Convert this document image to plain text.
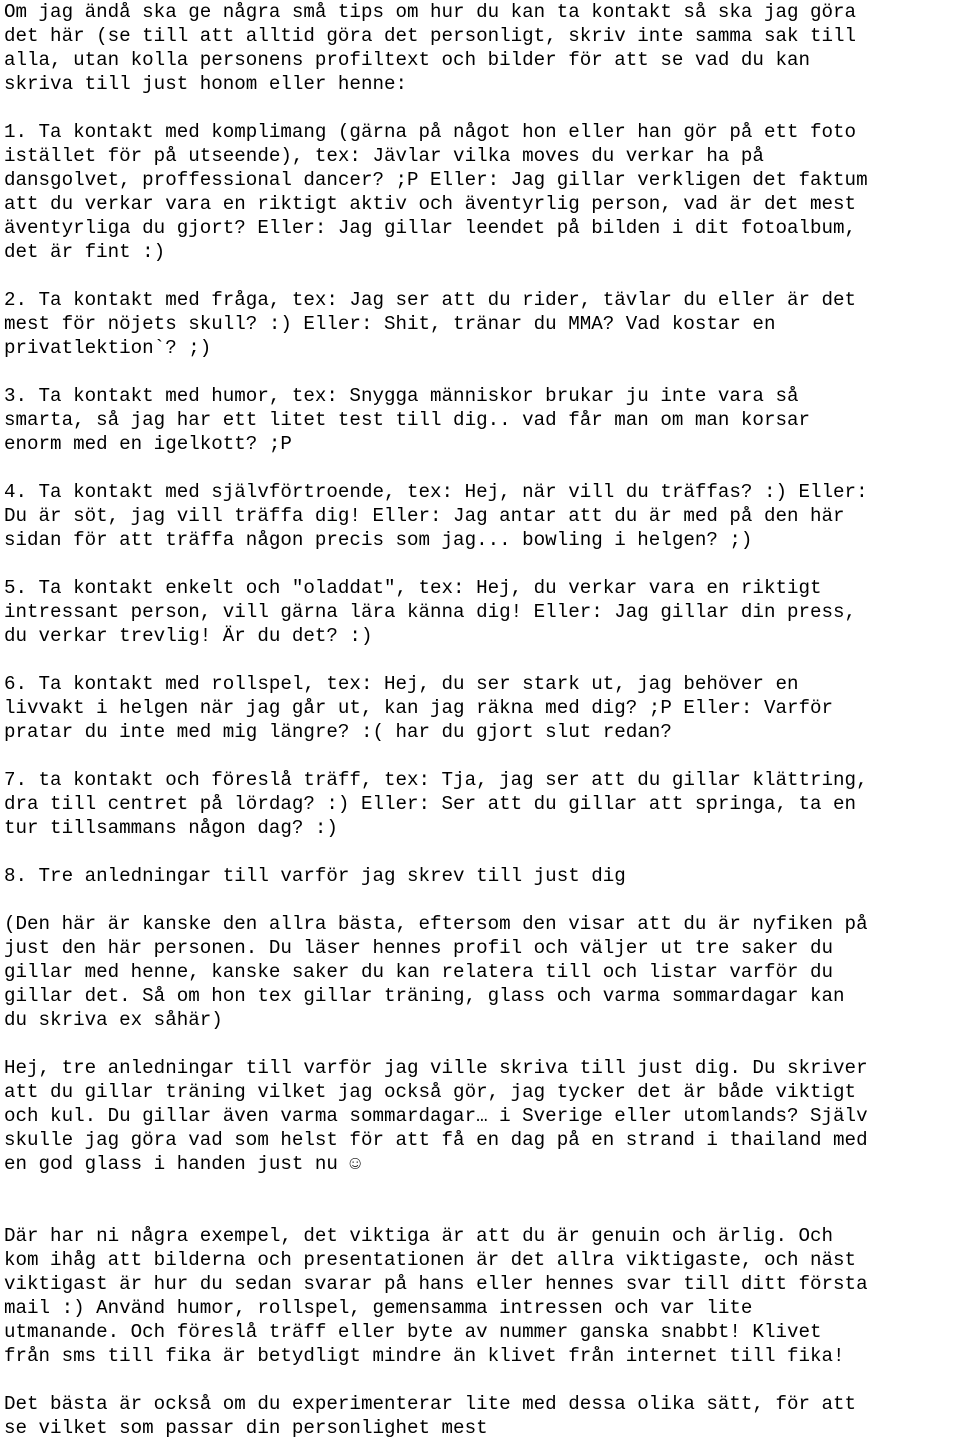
Om jag ändå ska ge några små tips om hur du kan ta kontakt så ska jag göra
det här (se till att alltid göra det personligt, skriv inte samma sak till
alla, utan kolla personens profiltext och bilder för att se vad du kan
skriva till just honom eller henne:
1. Ta kontakt med komplimang (gärna på något hon eller han gör på ett foto
istället för på utseende), tex: Jävlar vilka moves du verkar ha på
dansgolvet, proffessional dancer? ;P Eller: Jag gillar verkligen det faktum
att du verkar vara en riktigt aktiv och äventyrlig person, vad är det mest
äventyrliga du gjort? Eller: Jag gillar leendet på bilden i dit fotoalbum,
det är fint :)
2. Ta kontakt med fråga, tex: Jag ser att du rider, tävlar du eller är det
mest för nöjets skull? :) Eller: Shit, tränar du MMA? Vad kostar en
privatlektion`? ;)
3. Ta kontakt med humor, tex: Snygga människor brukar ju inte vara så
smarta, så jag har ett litet test till dig.. vad får man om man korsar
enorm med en igelkott? ;P
4. Ta kontakt med självförtroende, tex: Hej, när vill du träffas? :) Eller:
Du är söt, jag vill träffa dig! Eller: Jag antar att du är med på den här
sidan för att träffa någon precis som jag... bowling i helgen? ;)
5. Ta kontakt enkelt och "oladdat", tex: Hej, du verkar vara en riktigt
intressant person, vill gärna lära känna dig! Eller: Jag gillar din press,
du verkar trevlig! Är du det? :)
6. Ta kontakt med rollspel, tex: Hej, du ser stark ut, jag behöver en
livvakt i helgen när jag går ut, kan jag räkna med dig? ;P Eller: Varför
pratar du inte med mig längre? :( har du gjort slut redan?
7. ta kontakt och föreslå träff, tex: Tja, jag ser att du gillar klättring,
dra till centret på lördag? :) Eller: Ser att du gillar att springa, ta en
tur tillsammans någon dag? :)
8. Tre anledningar till varför jag skrev till just dig
(Den här är kanske den allra bästa, eftersom den visar att du är nyfiken på
just den här personen. Du läser hennes profil och väljer ut tre saker du
gillar med henne, kanske saker du kan relatera till och listar varför du
gillar det. Så om hon tex gillar träning, glass och varma sommardagar kan
du skriva ex såhär)
Hej, tre anledningar till varför jag ville skriva till just dig. Du skriver
att du gillar träning vilket jag också gör, jag tycker det är både viktigt
och kul. Du gillar även varma sommardagar… i Sverige eller utomlands? Själv
skulle jag göra vad som helst för att få en dag på en strand i thailand med
en god glass i handen just nu ☺
Där har ni några exempel, det viktiga är att du är genuin och ärlig. Och
kom ihåg att bilderna och presentationen är det allra viktigaste, och näst
viktigast är hur du sedan svarar på hans eller hennes svar till ditt första
mail :) Använd humor, rollspel, gemensamma intressen och var lite
utmanande. Och föreslå träff eller byte av nummer ganska snabbt! Klivet
från sms till fika är betydligt mindre än klivet från internet till fika!
Det bästa är också om du experimenterar lite med dessa olika sätt, för att
se vilket som passar din personlighet mest
